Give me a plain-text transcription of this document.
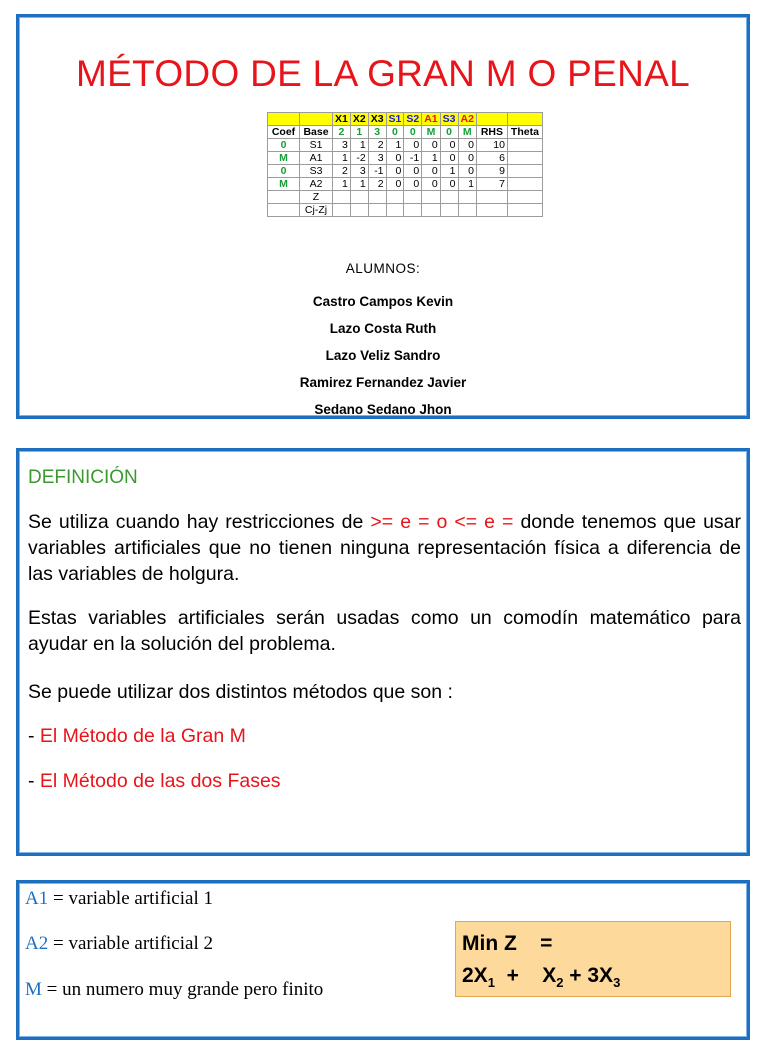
MÉTODO DE LA GRAN M O PENAL
		X1	X2	X3	S1	S2	A1	S3	A2		
Coef	Base	2	1	3	0	0	M	0	M	RHS	Theta
0	S1	3	1	2	1	0	0	0	0	10	
M	A1	1	-2	3	0	-1	1	0	0	6	
0	S3	2	3	-1	0	0	0	1	0	9	
M	A2	1	1	2	0	0	0	0	1	7	
	Z										
	Cj-Zj										
ALUMNOS:
Castro Campos Kevin
Lazo Costa Ruth
Lazo Veliz Sandro
Ramirez Fernandez Javier
Sedano Sedano Jhon
DEFINICIÓN
Se utiliza cuando hay restricciones de >= e = o <= e = donde tenemos que usar variables artificiales que no tienen ninguna representación física a diferencia de las variables de holgura.
Estas variables artificiales serán usadas como un comodín matemático para ayudar en la solución del problema.
Se puede utilizar dos distintos métodos que son :
- El Método de la Gran M
- El Método de las dos Fases
A1 = variable artificial 1
A2 = variable artificial 2
M = un numero muy grande pero finito
Min Z    =
$2X_1$  +    $X_2 + 3X_3$
